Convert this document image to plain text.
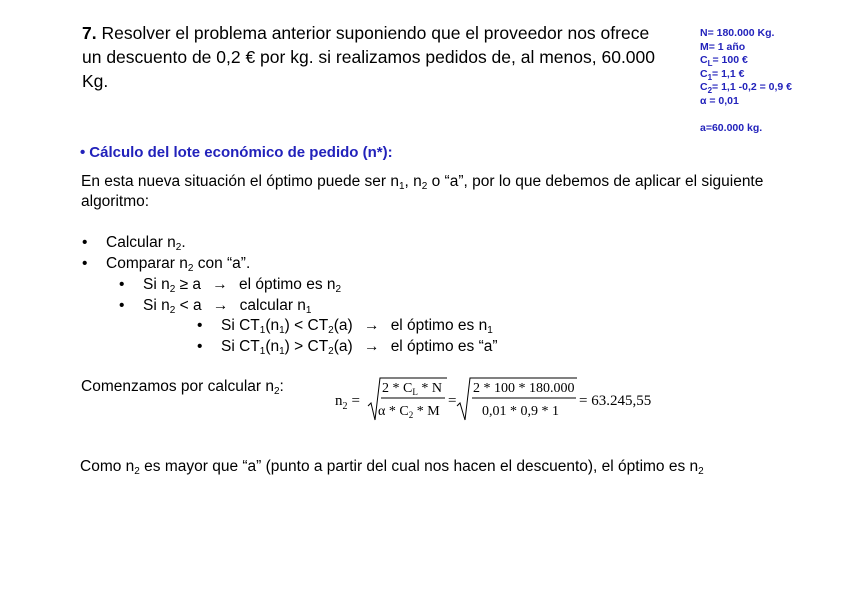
7. Resolver el problema anterior suponiendo que el proveedor nos ofrece un descuento de 0,2 € por kg. si realizamos pedidos de, al menos, 60.000 Kg.
N= 180.000 Kg.
M= 1 año
$C_L= 100$ €
$C_1= 1,1$ €
$C_2= 1,1$ -0,2 = 0,9 €
α = 0,01
a=60.000 kg.
• Cálculo del lote económico de pedido (n*):
En esta nueva situación el óptimo puede ser $n_1$, $n_2$ o “a”, por lo que debemos de aplicar el siguiente algoritmo:
• Calcular $n_2$.
• Comparar $n_2$ con “a”.
• Si $n_2 \ge a$ → el óptimo es $n_2$
• Si $n_2 < a$ → calcular $n_1$
• Si $CT_1(n_1) < CT_2(a)$ → el óptimo es $n_1$
• Si $CT_1(n_1) > CT_2(a)$ → el óptimo es “a”
Comenzamos por calcular $n_2$:
$n_2$ =
$2 * C_L$ * N
α * $C_2$ * M
=
2 * 100 * 180.000
0,01 * 0,9 * 1
= 63.245,55
Como $n_2$ es mayor que “a” (punto a partir del cual nos hacen el descuento), el óptimo es $n_2$
